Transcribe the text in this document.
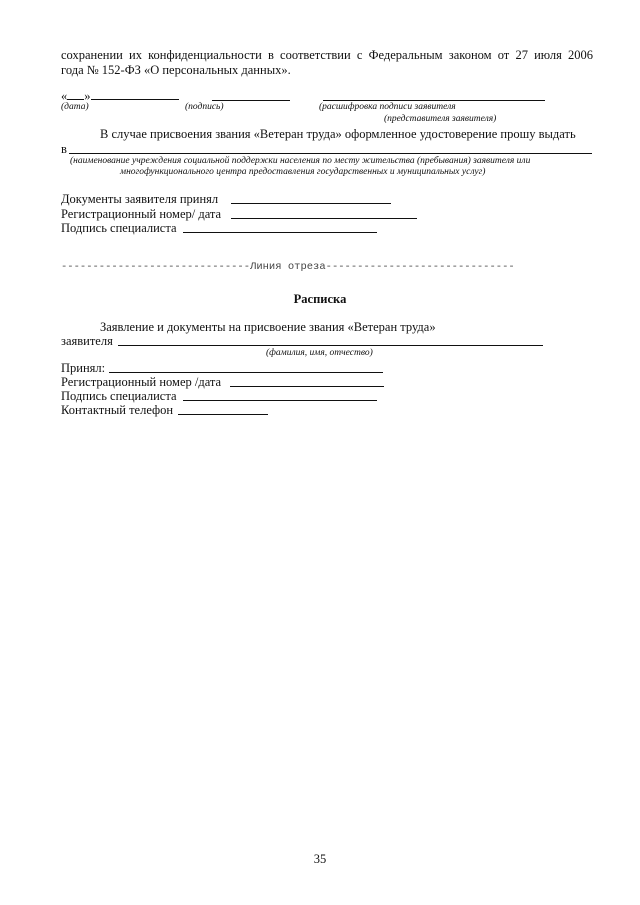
сохранении их конфиденциальности в соответствии с Федеральным законом от 27 июля 2006
года № 152-ФЗ «О персональных данных».
« »
(дата)	(подпись)	(расшифровка подписи заявителя
(представителя заявителя)
В случае присвоения звания «Ветеран труда» оформленное удостоверение прошу выдать
в
(наименование учреждения социальной поддержки населения по месту жительства (пребывания) заявителя или
многофункционального центра предоставления государственных и муниципальных услуг)
Документы заявителя принял
Регистрационный номер/ дата
Подпись специалиста
------------------------------Линия отреза------------------------------
Расписка
Заявление и документы на присвоение звания «Ветеран труда»
заявителя
(фамилия, имя, отчество)
Принял:
Регистрационный номер /дата
Подпись специалиста
Контактный телефон
35
